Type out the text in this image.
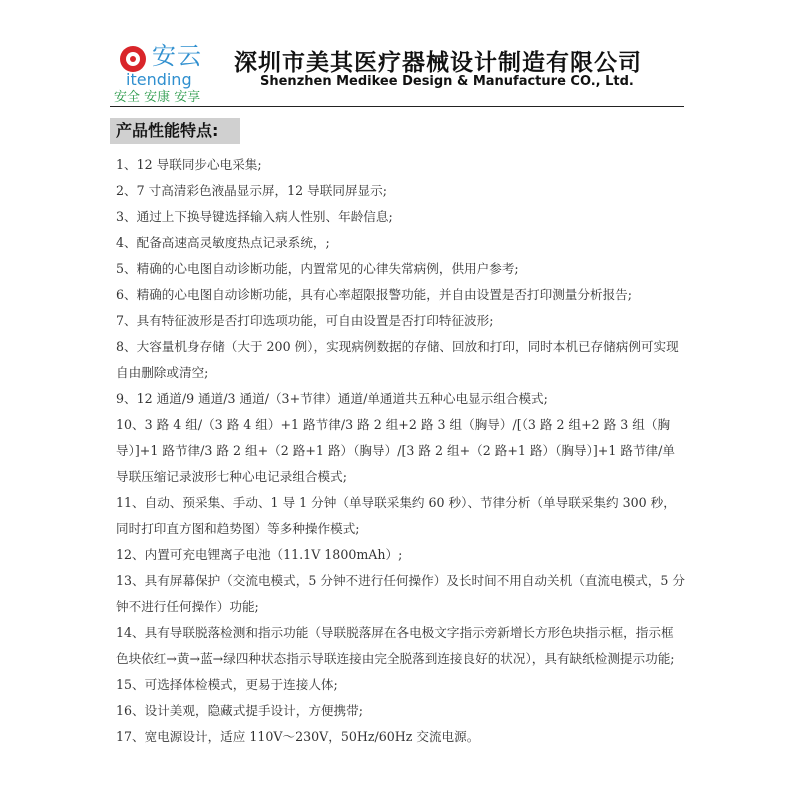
安云
itending
安全 安康 安享
深圳市美其医疗器械设计制造有限公司
Shenzhen Medikee Design & Manufacture CO., Ltd.
产品性能特点:
1、12 导联同步心电采集;
2、7 寸高清彩色液晶显示屏，12 导联同屏显示;
3、通过上下换导键选择输入病人性别、年龄信息;
4、配备高速高灵敏度热点记录系统，;
5、精确的心电图自动诊断功能，内置常见的心律失常病例，供用户参考;
6、精确的心电图自动诊断功能，具有心率超限报警功能，并自由设置是否打印测量分析报告;
7、具有特征波形是否打印选项功能，可自由设置是否打印特征波形;
8、大容量机身存储（大于 200 例），实现病例数据的存储、回放和打印，同时本机已存储病例可实现自由删除或清空;
9、12 通道/9 通道/3 通道/（3+节律）通道/单通道共五种心电显示组合模式;
10、3 路 4 组/（3 路 4 组）+1 路节律/3 路 2 组+2 路 3 组（胸导）/[（3 路 2 组+2 路 3 组（胸导）]+1 路节律/3 路 2 组+（2 路+1 路）（胸导）/[3 路 2 组+（2 路+1 路）（胸导）]+1 路节律/单导联压缩记录波形七种心电记录组合模式;
11、自动、预采集、手动、1 导 1 分钟（单导联采集约 60 秒）、节律分析（单导联采集约 300 秒，同时打印直方图和趋势图）等多种操作模式;
12、内置可充电锂离子电池（11.1V 1800mAh）;
13、具有屏幕保护（交流电模式，5 分钟不进行任何操作）及长时间不用自动关机（直流电模式，5 分钟不进行任何操作）功能;
14、具有导联脱落检测和指示功能（导联脱落屏在各电极文字指示旁新增长方形色块指示框，指示框色块依红→黄→蓝→绿四种状态指示导联连接由完全脱落到连接良好的状况），具有缺纸检测提示功能;
15、可选择体检模式，更易于连接人体;
16、设计美观，隐藏式提手设计，方便携带;
17、宽电源设计，适应 110V～230V，50Hz/60Hz 交流电源。
